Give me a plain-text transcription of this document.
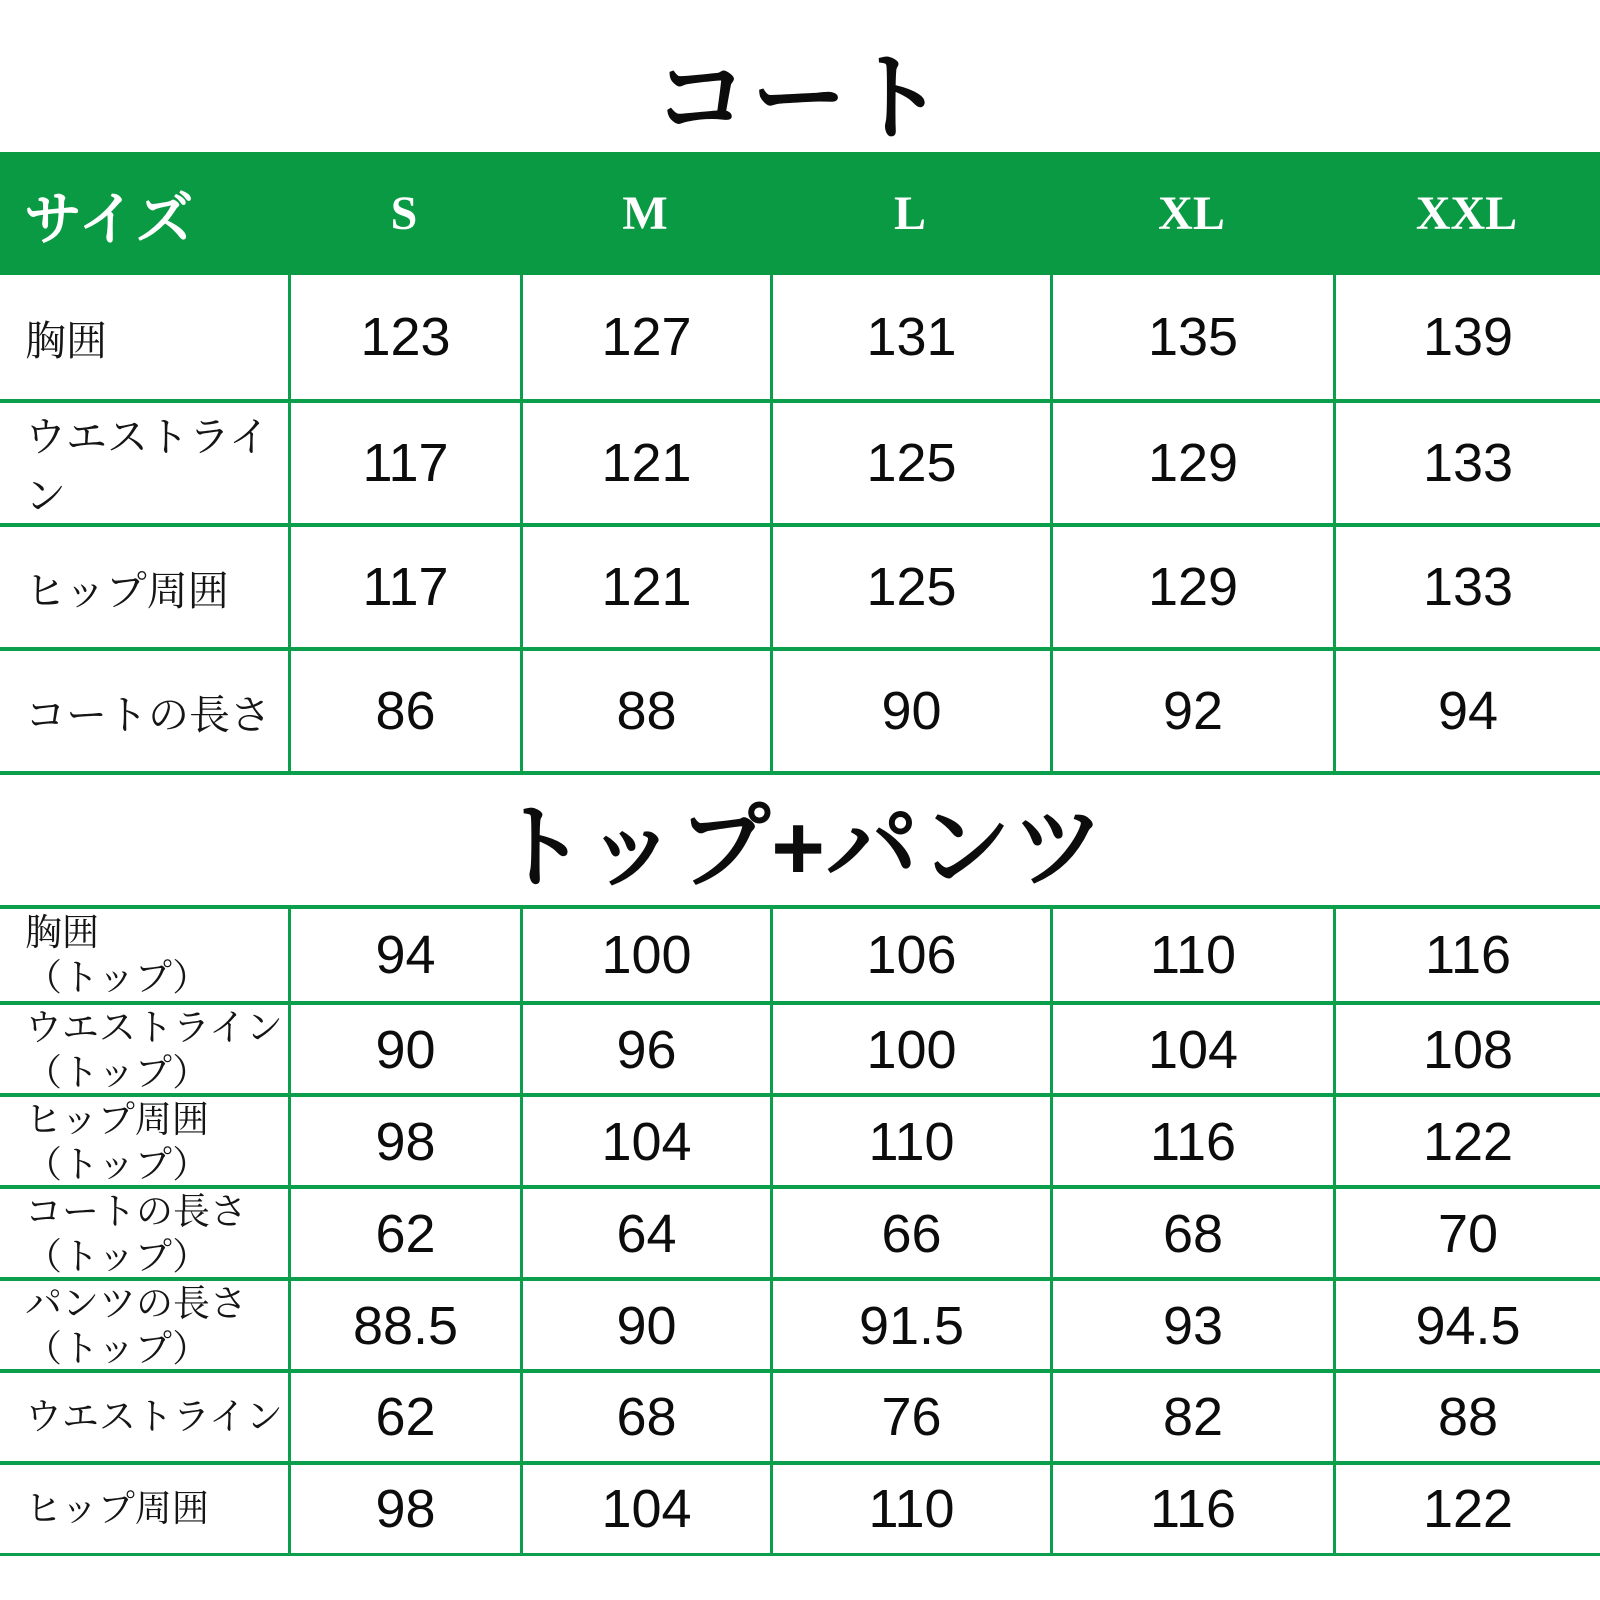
コート
サイズ	S	M	L	XL	XXL
胸囲	123	127	131	135	139
ウエストライン
117	121	125	129	133
ヒップ周囲	117	121	125	129	133
コートの長さ	86	88	90	92	94
トップ+パンツ
胸囲
（トップ）	94	100	106	110	116
ウエストライン
（トップ）	90	96	100	104	108
ヒップ周囲
（トップ）	98	104	110	116	122
コートの長さ
（トップ）	62	64	66	68	70
パンツの長さ
（トップ）	88.5	90	91.5	93	94.5
ウエストライン	62	68	76	82	88
ヒップ周囲	98	104	110	116	122
